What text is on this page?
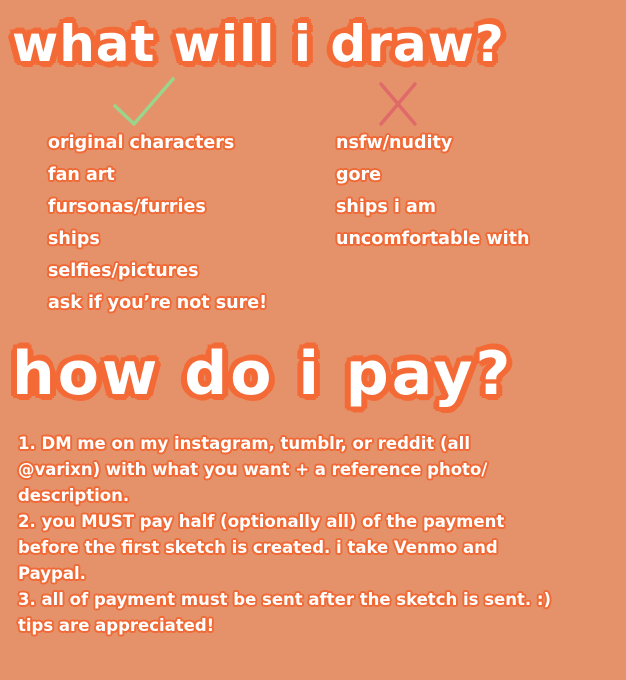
what will i draw?
original characters
fan art
fursonas/furries
ships
selfies/pictures
ask if you’re not sure!
nsfw/nudity
gore
ships i am
uncomfortable with
how do i pay?
1. DM me on my instagram, tumblr, or reddit (all
@varixn) with what you want + a reference photo/
description.
2. you MUST pay half (optionally all) of the payment
before the first sketch is created. i take Venmo and
Paypal.
3. all of payment must be sent after the sketch is sent. :)
tips are appreciated!
